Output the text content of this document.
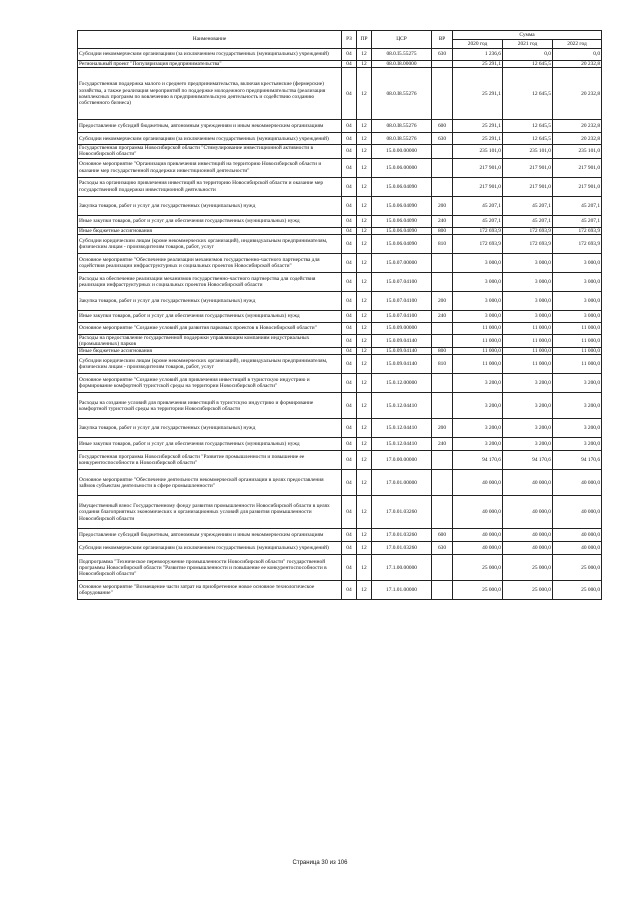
Наименование	РЗ	ПР	ЦСР	ВР	Сумма		
					2020 год	2021 год	2022 год
Субсидии некоммерческим организациям (за исключением государственных (муниципальных) учреждений)	04	12	08.0.I5.55275	630	1 236,6	0,0	0,0
Региональный проект "Популяризация предпринимательства"	04	12	08.0.I8.00000		25 291,1	12 645,5	20 232,8
Государственная поддержка малого и среднего предпринимательства, включая крестьянские (фермерские) хозяйства, а также реализация мероприятий по поддержке молодежного предпринимательства (реализация комплексных программ по вовлечению в предпринимательскую деятельность и содействию созданию собственного бизнеса)	04	12	08.0.I8.55276		25 291,1	12 645,5	20 232,8
Предоставление субсидий бюджетным, автономным учреждениям и иным некоммерческим организациям	04	12	08.0.I8.55276	600	25 291,1	12 645,5	20 232,8
Субсидии некоммерческим организациям (за исключением государственных (муниципальных) учреждений)	04	12	08.0.I8.55276	630	25 291,1	12 645,5	20 232,8
Государственная программа Новосибирской области "Стимулирование инвестиционной активности в Новосибирской области"	04	12	15.0.00.00000		235 101,0	235 101,0	235 101,0
Основное мероприятие "Организация привлечения инвестиций на территорию Новосибирской области и оказание мер государственной поддержки инвестиционной деятельности"	04	12	15.0.06.00000		217 901,0	217 901,0	217 901,0
Расходы на организацию привлечения инвестиций на территорию Новосибирской области и оказание мер государственной поддержки инвестиционной деятельности	04	12	15.0.06.04090		217 901,0	217 901,0	217 901,0
Закупка товаров, работ и услуг для государственных (муниципальных) нужд	04	12	15.0.06.04090	200	45 207,1	45 207,1	45 207,1
Иные закупки товаров, работ и услуг для обеспечения государственных (муниципальных) нужд	04	12	15.0.06.04090	240	45 207,1	45 207,1	45 207,1
Иные бюджетные ассигнования	04	12	15.0.06.04090	800	172 693,9	172 693,9	172 693,9
Субсидии юридическим лицам (кроме некоммерческих организаций), индивидуальным предпринимателям, физическим лицам - производителям товаров, работ, услуг	04	12	15.0.06.04090	810	172 693,9	172 693,9	172 693,9
Основное мероприятие "Обеспечение реализации механизмов государственно-частного партнерства для содействия реализации инфраструктурных и социальных проектов Новосибирской области"	04	12	15.0.07.00000		3 000,0	3 000,0	3 000,0
Расходы на обеспечение реализации механизмов государственно-частного партнерства для содействия реализации инфраструктурных и социальных проектов Новосибирской области	04	12	15.0.07.04100		3 000,0	3 000,0	3 000,0
Закупка товаров, работ и услуг для государственных (муниципальных) нужд	04	12	15.0.07.04100	200	3 000,0	3 000,0	3 000,0
Иные закупки товаров, работ и услуг для обеспечения государственных (муниципальных) нужд	04	12	15.0.07.04100	240	3 000,0	3 000,0	3 000,0
Основное мероприятие "Создание условий для развития парковых проектов в Новосибирской области"	04	12	15.0.09.00000		11 000,0	11 000,0	11 000,0
Расходы на предоставление государственной поддержки управляющим компаниям индустриальных (промышленных) парков	04	12	15.0.09.04140		11 000,0	11 000,0	11 000,0
Иные бюджетные ассигнования	04	12	15.0.09.04140	800	11 000,0	11 000,0	11 000,0
Субсидии юридическим лицам (кроме некоммерческих организаций), индивидуальным предпринимателям, физическим лицам - производителям товаров, работ, услуг	04	12	15.0.09.04140	810	11 000,0	11 000,0	11 000,0
Основное мероприятие "Создание условий для привлечения инвестиций в туристскую индустрию и формирование комфортной туристской среды на территории Новосибирской области"	04	12	15.0.12.00000		3 200,0	3 200,0	3 200,0
Расходы на создание условий для привлечения инвестиций в туристскую индустрию и формирование комфортной туристской среды на территории Новосибирской области	04	12	15.0.12.04410		3 200,0	3 200,0	3 200,0
Закупка товаров, работ и услуг для государственных (муниципальных) нужд	04	12	15.0.12.04410	200	3 200,0	3 200,0	3 200,0
Иные закупки товаров, работ и услуг для обеспечения государственных (муниципальных) нужд	04	12	15.0.12.04410	240	3 200,0	3 200,0	3 200,0
Государственная программа Новосибирской области "Развитие промышленности и повышение ее конкурентоспособности в Новосибирской области"	04	12	17.0.00.00000		94 170,6	94 170,6	94 170,6
Основное мероприятие "Обеспечение деятельности некоммерческой организации в целях предоставления займов субъектам деятельности в сфере промышленности"	04	12	17.0.01.00000		40 000,0	40 000,0	40 000,0
Имущественный взнос Государственному фонду развития промышленности Новосибирской области в целях создания благоприятных экономических и организационных условий для развития промышленности Новосибирской области	04	12	17.0.01.03260		40 000,0	40 000,0	40 000,0
Предоставление субсидий бюджетным, автономным учреждениям и иным некоммерческим организациям	04	12	17.0.01.03260	600	40 000,0	40 000,0	40 000,0
Субсидии некоммерческим организациям (за исключением государственных (муниципальных) учреждений)	04	12	17.0.01.03260	630	40 000,0	40 000,0	40 000,0
Подпрограмма "Техническое перевооружение промышленности Новосибирской области" государственной программы Новосибирской области "Развитие промышленности и повышение ее конкурентоспособности в Новосибирской области"	04	12	17.1.00.00000		25 000,0	25 000,0	25 000,0
Основное мероприятие "Возмещение части затрат на приобретенное новое основное технологическое оборудование"	04	12	17.1.01.00000		25 000,0	25 000,0	25 000,0
Страница 30 из 106
